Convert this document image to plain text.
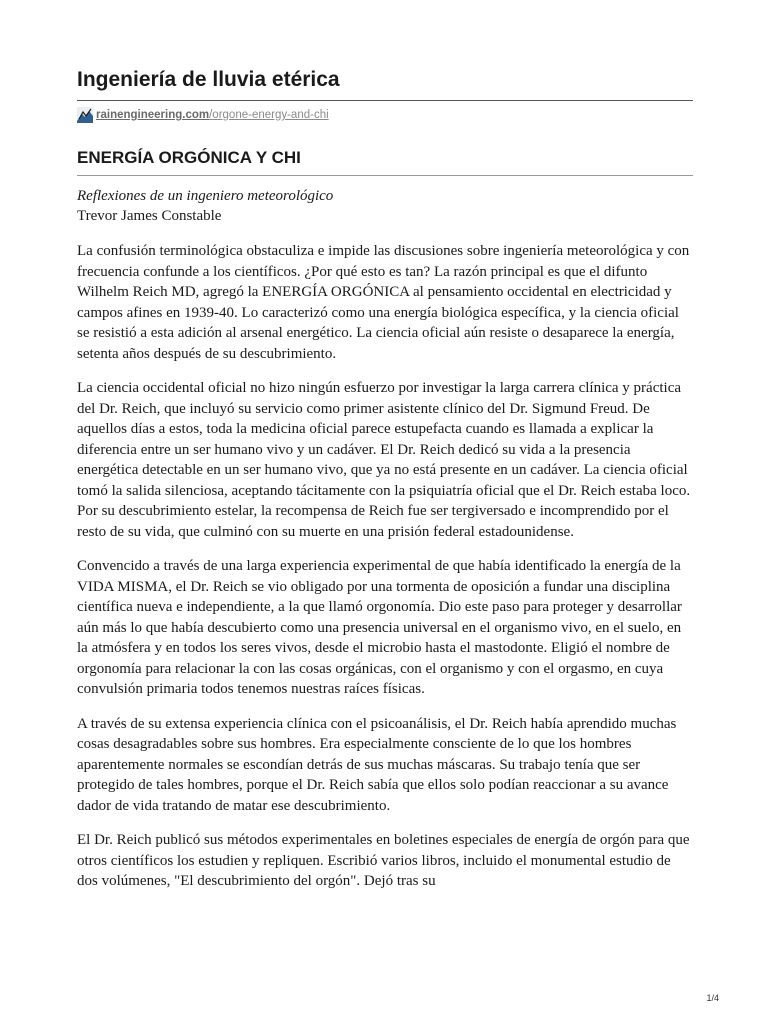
Ingeniería de lluvia etérica
rainengineering.com /orgone-energy-and-chi
ENERGÍA ORGÓNICA Y CHI

Reflexiones de un ingeniero meteorológico

Trevor James Constable

La confusión terminológica obstaculiza e impide las discusiones sobre ingeniería meteorológica y con frecuencia confunde a los científicos. ¿Por qué esto es tan? La razón principal es que el difunto Wilhelm Reich MD, agregó la ENERGÍA ORGÓNICA al pensamiento occidental en electricidad y campos afines en 1939-40. Lo caracterizó como una energía biológica específica, y la ciencia oficial se resistió a esta adición al arsenal energético. La ciencia oficial aún resiste o desaparece la energía, setenta años después de su descubrimiento.

La ciencia occidental oficial no hizo ningún esfuerzo por investigar la larga carrera clínica y práctica del Dr. Reich, que incluyó su servicio como primer asistente clínico del Dr. Sigmund Freud. De aquellos días a estos, toda la medicina oficial parece estupefacta cuando es llamada a explicar la diferencia entre un ser humano vivo y un cadáver. El Dr. Reich dedicó su vida a la presencia energética detectable en un ser humano vivo, que ya no está presente en un cadáver. La ciencia oficial tomó la salida silenciosa, aceptando tácitamente con la psiquiatría oficial que el Dr. Reich estaba loco. Por su descubrimiento estelar, la recompensa de Reich fue ser tergiversado e incomprendido por el resto de su vida, que culminó con su muerte en una prisión federal estadounidense.

Convencido a través de una larga experiencia experimental de que había identificado la energía de la VIDA MISMA, el Dr. Reich se vio obligado por una tormenta de oposición a fundar una disciplina científica nueva e independiente, a la que llamó orgonomía. Dio este paso para proteger y desarrollar aún más lo que había descubierto como una presencia universal en el organismo vivo, en el suelo, en la atmósfera y en todos los seres vivos, desde el microbio hasta el mastodonte. Eligió el nombre de orgonomía para relacionar la con las cosas orgánicas, con el organismo y con el orgasmo, en cuya convulsión primaria todos tenemos nuestras raíces físicas.

A través de su extensa experiencia clínica con el psicoanálisis, el Dr. Reich había aprendido muchas cosas desagradables sobre sus hombres. Era especialmente consciente de lo que los hombres aparentemente normales se escondían detrás de sus muchas máscaras. Su trabajo tenía que ser protegido de tales hombres, porque el Dr. Reich sabía que ellos solo podían reaccionar a su avance dador de vida tratando de matar ese descubrimiento.

El Dr. Reich publicó sus métodos experimentales en boletines especiales de energía de orgón para que otros científicos los estudien y repliquen. Escribió varios libros, incluido el monumental estudio de dos volúmenes, "El descubrimiento del orgón". Dejó tras su

1/4
